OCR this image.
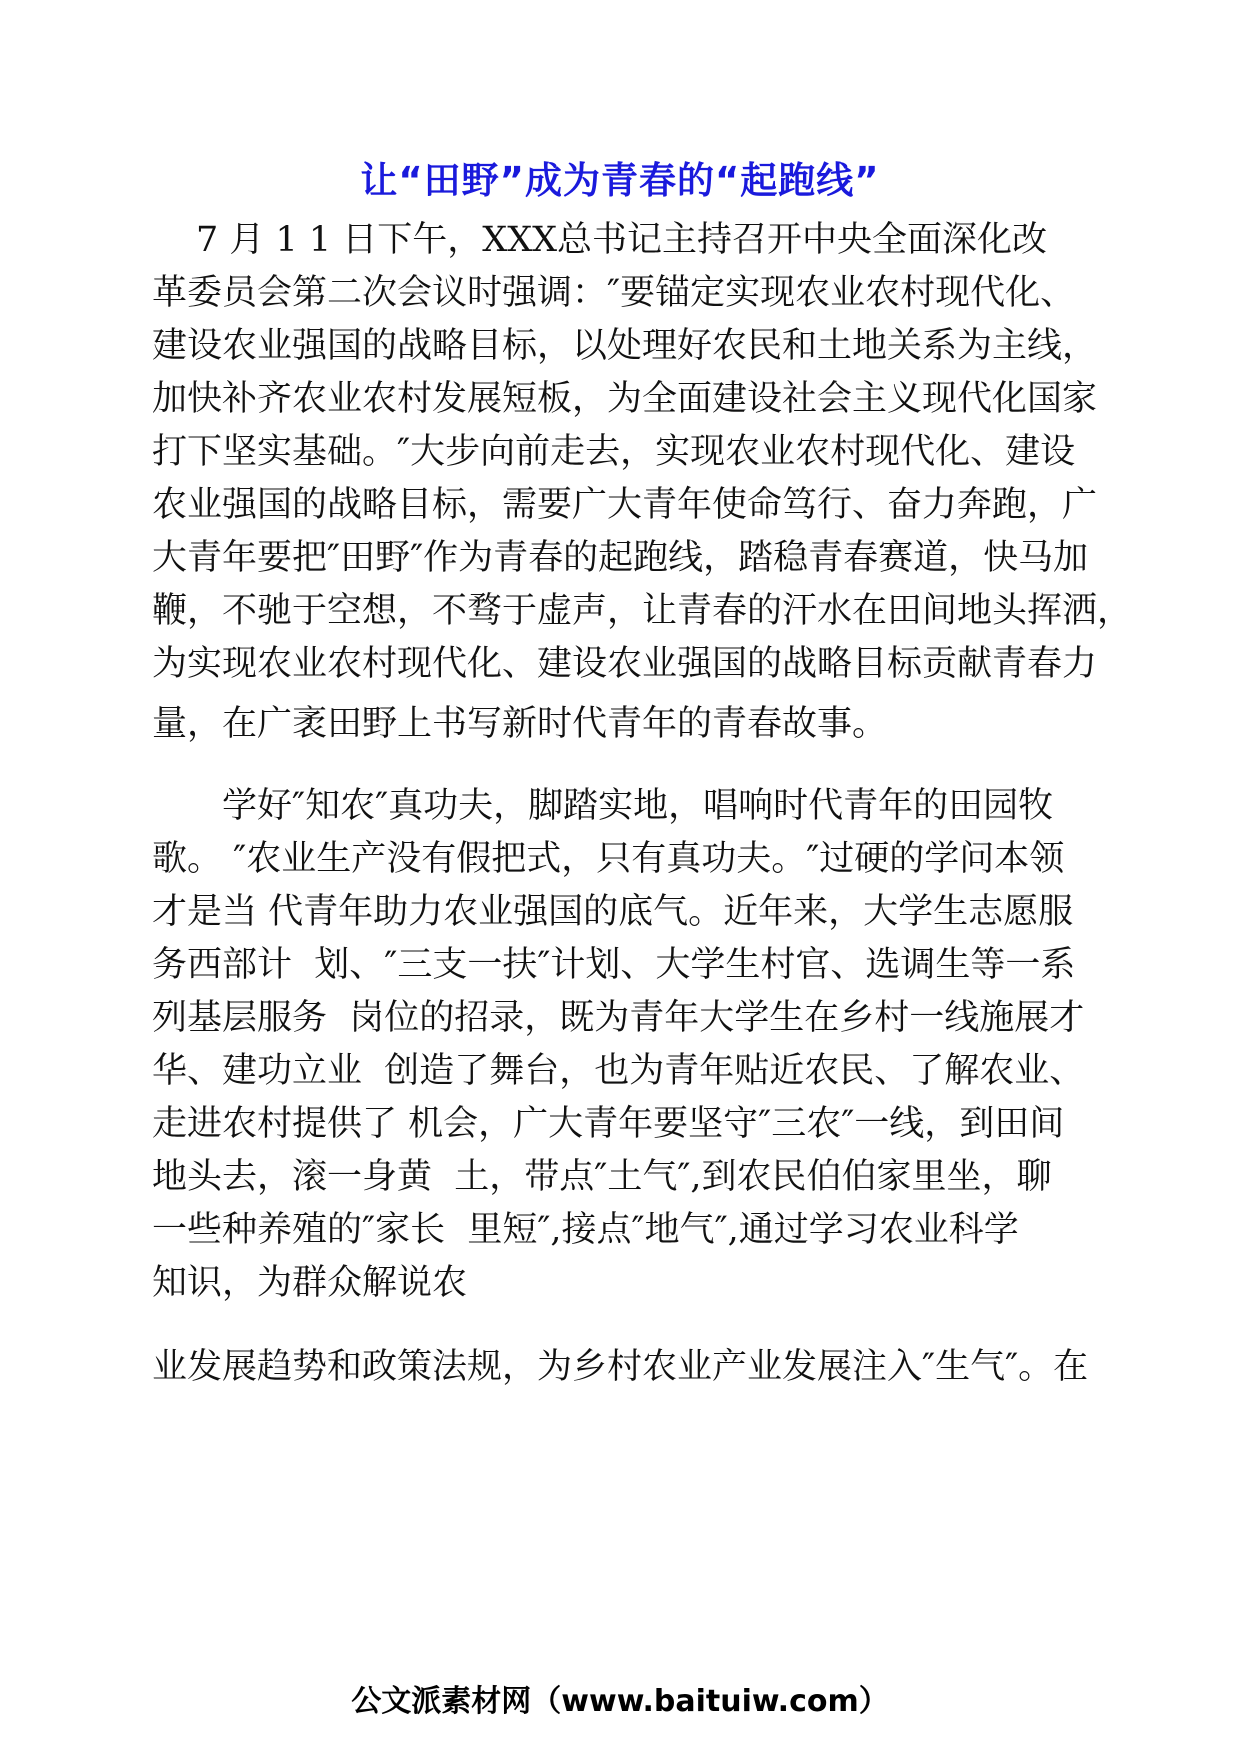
让“田野”成为青春的“起跑线”

7 月 1 1 日下午，XXX总书记主持召开中央全面深化改

革委员会第二次会议时强调：″要锚定实现农业农村现代化、

建设农业强国的战略目标，以处理好农民和土地关系为主线，

加快补齐农业农村发展短板，为全面建设社会主义现代化国家

打下坚实基础。″大步向前走去，实现农业农村现代化、建设

农业强国的战略目标，需要广大青年使命笃行、奋力奔跑，广

大青年要把″田野″作为青春的起跑线，踏稳青春赛道，快马加

鞭，不驰于空想，不骛于虚声，让青春的汗水在田间地头挥洒，

为实现农业农村现代化、建设农业强国的战略目标贡献青春力

量，在广袤田野上书写新时代青年的青春故事。

学好″知农″真功夫，脚踏实地，唱响时代青年的田园牧

歌。 ″农业生产没有假把式，只有真功夫。″过硬的学问本领

才是当 代青年助力农业强国的底气。近年来，大学生志愿服

务西部计  划、″三支一扶″计划、大学生村官、选调生等一系

列基层服务  岗位的招录，既为青年大学生在乡村一线施展才

华、建功立业  创造了舞台，也为青年贴近农民、了解农业、

走进农村提供了 机会，广大青年要坚守″三农″一线，到田间

地头去，滚一身黄  土，带点″土气″,到农民伯伯家里坐，聊

一些种养殖的″家长  里短″,接点″地气″,通过学习农业科学

知识，为群众解说农

业发展趋势和政策法规，为乡村农业产业发展注入″生气″。在

公文派素材网（www.baituiw.com）
